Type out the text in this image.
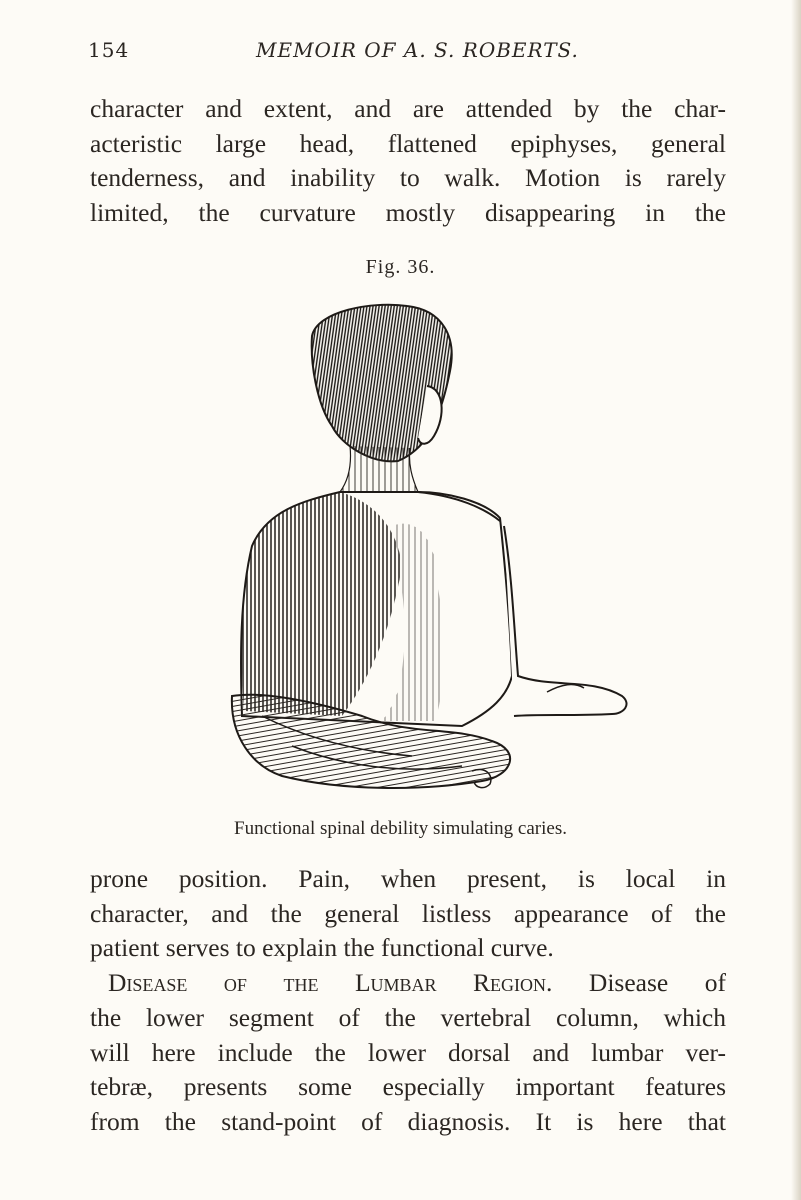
154	MEMOIR OF A. S. ROBERTS.

character and extent, and are attended by the char-
acteristic large head, flattened epiphyses, general
tenderness, and inability to walk. Motion is rarely
limited, the curvature mostly disappearing in the

Fig. 36.
Functional spinal debility simulating caries.

prone position. Pain, when present, is local in
character, and the general listless appearance of the
patient serves to explain the functional curve.
Disease of the Lumbar Region. Disease of
the lower segment of the vertebral column, which
will here include the lower dorsal and lumbar ver-
tebræ, presents some especially important features
from the stand-point of diagnosis. It is here that
